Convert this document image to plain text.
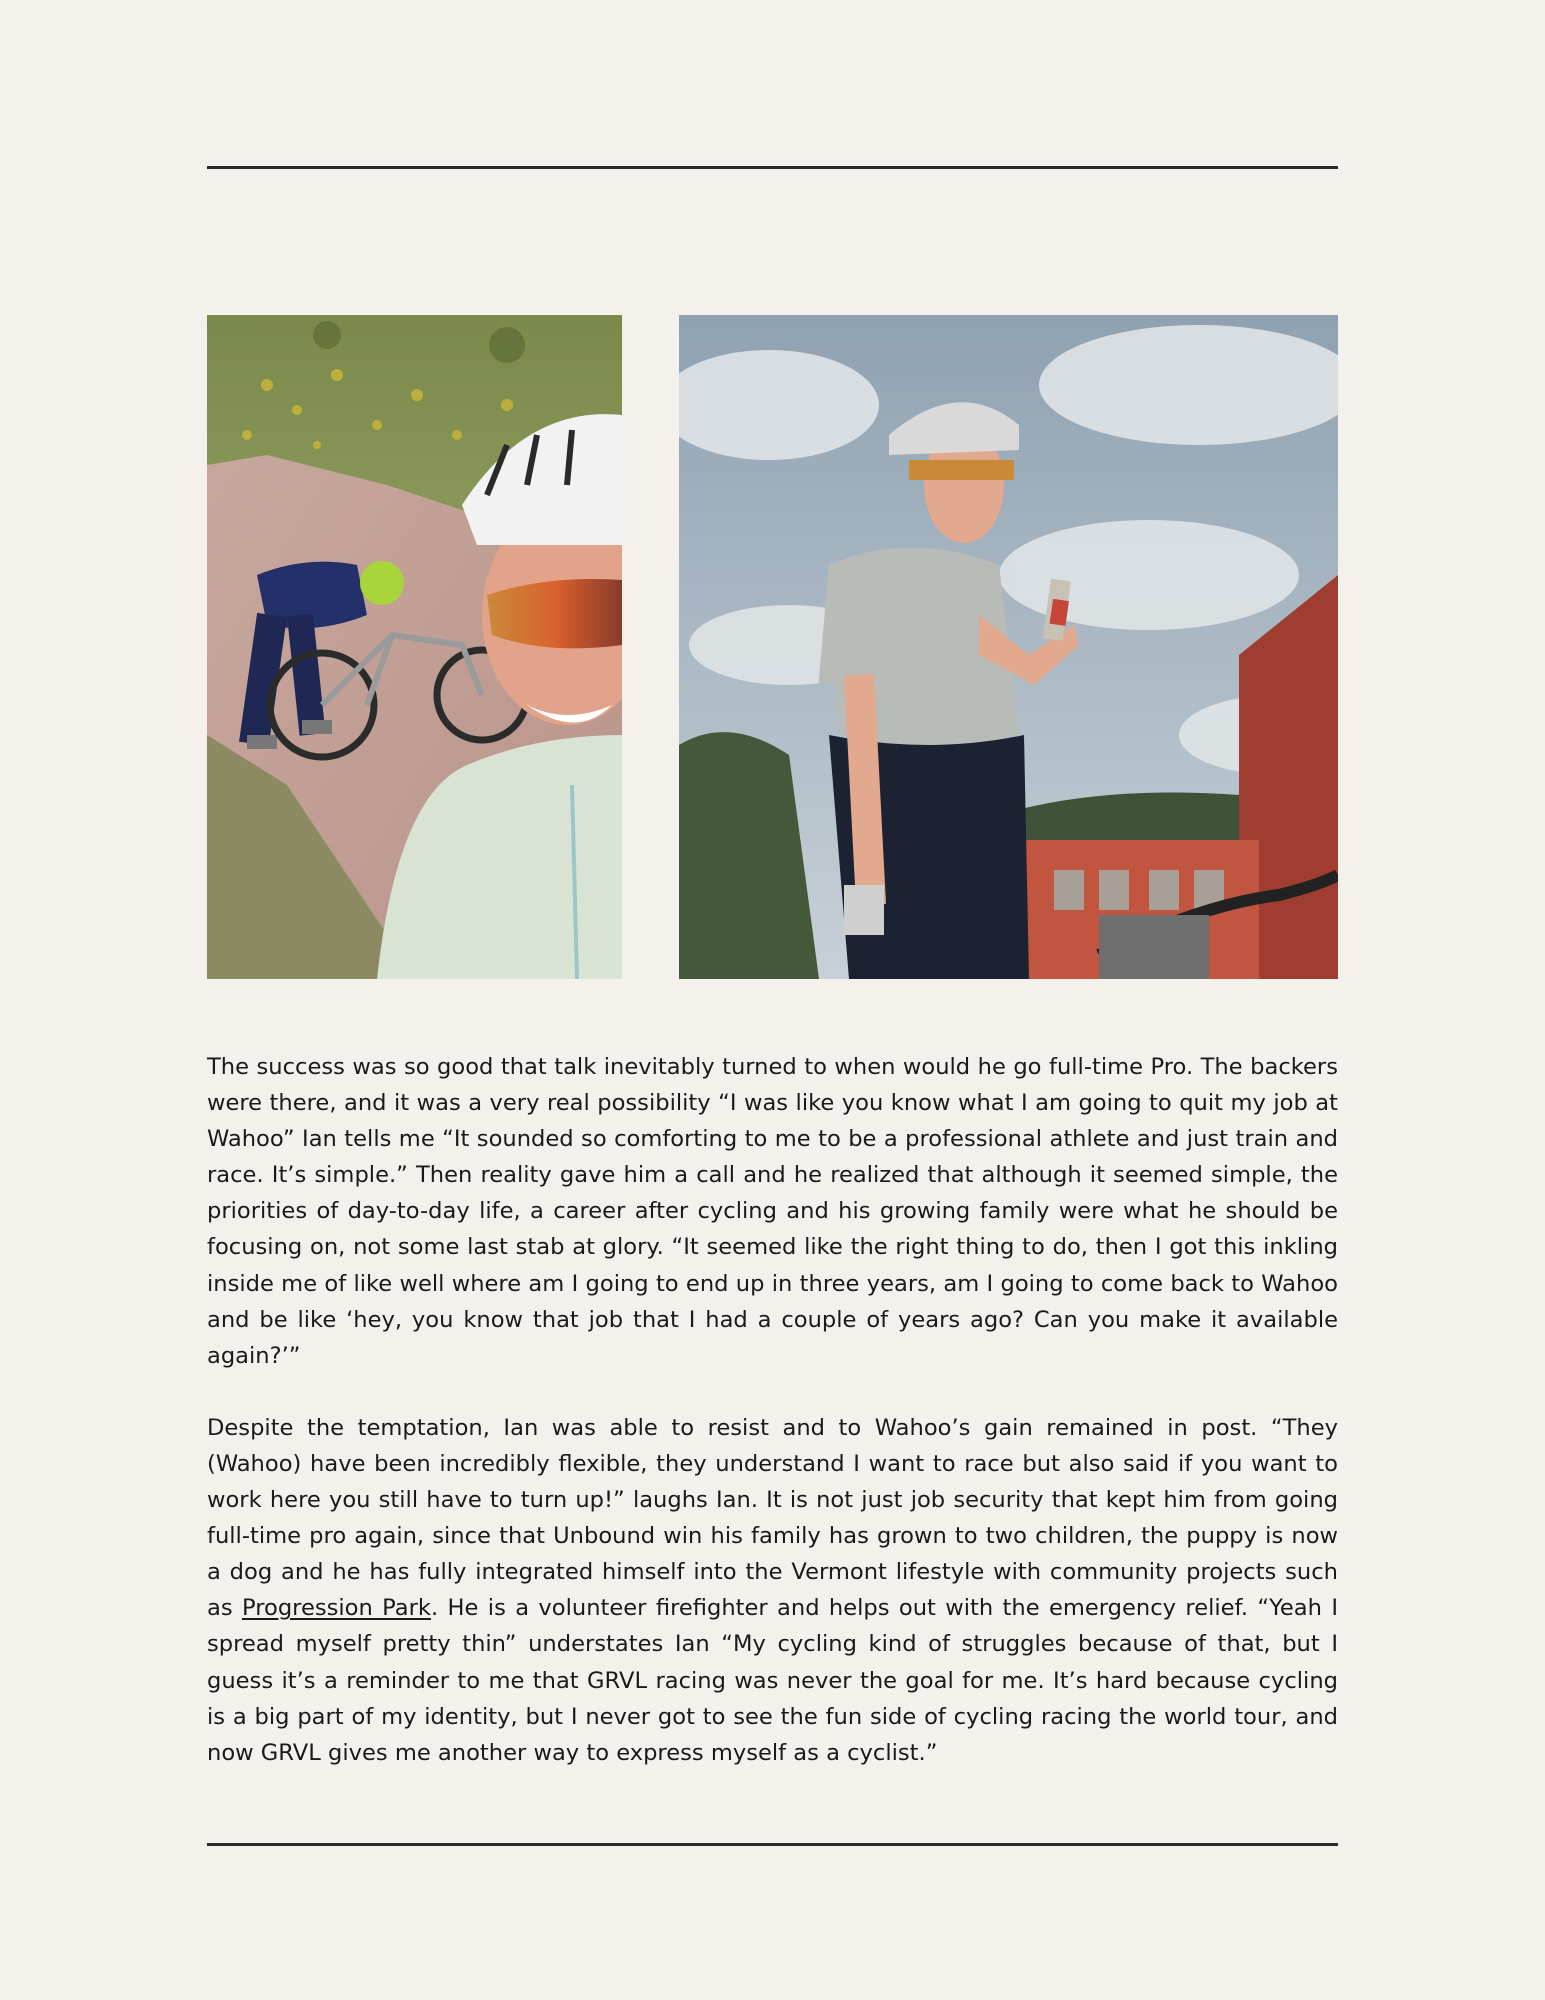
The success was so good that talk inevitably turned to when would he go full-time Pro. The backers were there, and it was a very real possibility “I was like you know what I am going to quit my job at Wahoo” Ian tells me “It sounded so comforting to me to be a professional athlete and just train and race. It’s simple.” Then reality gave him a call and he realized that although it seemed simple, the priorities of day-to-day life, a career after cycling and his growing family were what he should be focusing on, not some last stab at glory. “It seemed like the right thing to do, then I got this inkling inside me of like well where am I going to end up in three years, am I going to come back to Wahoo and be like ‘hey, you know that job that I had a couple of years ago? Can you make it available again?’”

Despite the temptation, Ian was able to resist and to Wahoo’s gain remained in post. “They (Wahoo) have been incredibly flexible, they understand I want to race but also said if you want to work here you still have to turn up!” laughs Ian. It is not just job security that kept him from going full-time pro again, since that Unbound win his family has grown to two children, the puppy is now a dog and he has fully integrated himself into the Vermont lifestyle with community projects such as Progression Park. He is a volunteer firefighter and helps out with the emergency relief. “Yeah I spread myself pretty thin” understates Ian “My cycling kind of struggles because of that, but I guess it’s a reminder to me that GRVL racing was never the goal for me. It’s hard because cycling is a big part of my identity, but I never got to see the fun side of cycling racing the world tour, and now GRVL gives me another way to express myself as a cyclist.”
